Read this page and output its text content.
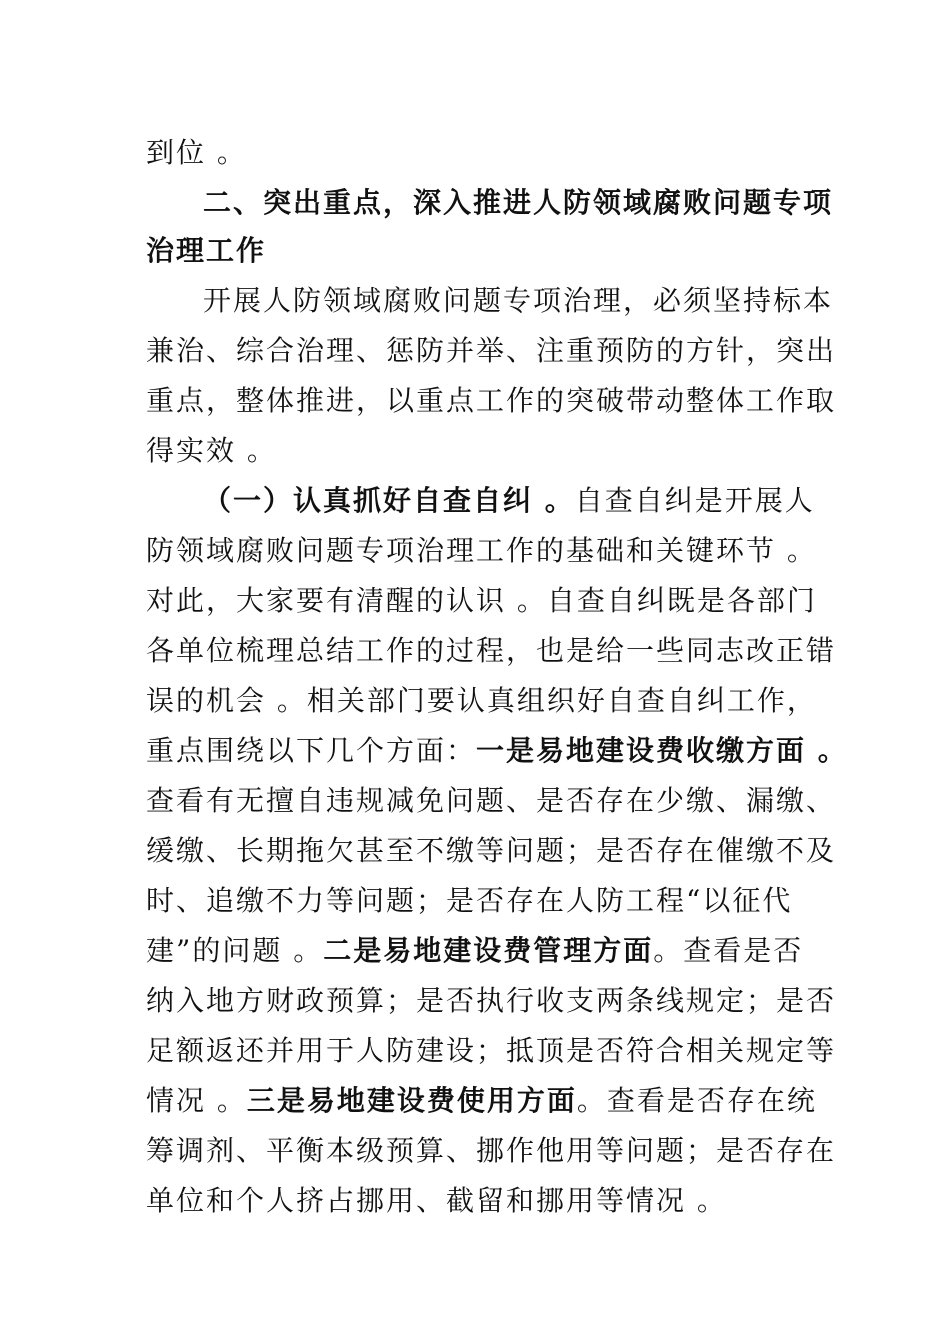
到位 。
二、突出重点，深入推进人防领域腐败问题专项
治理工作
开展人防领域腐败问题专项治理，必须坚持标本
兼治、综合治理、惩防并举、注重预防的方针，突出
重点，整体推进，以重点工作的突破带动整体工作取
得实效 。
（一）认真抓好自查自纠 。自查自纠是开展人
防领域腐败问题专项治理工作的基础和关键环节 。
对此，大家要有清醒的认识 。自查自纠既是各部门
各单位梳理总结工作的过程，也是给一些同志改正错
误的机会 。相关部门要认真组织好自查自纠工作，
重点围绕以下几个方面：一是易地建设费收缴方面 。
查看有无擅自违规减免问题、是否存在少缴、漏缴、
缓缴、长期拖欠甚至不缴等问题；是否存在催缴不及
时、追缴不力等问题；是否存在人防工程“以征代
建”的问题 。二是易地建设费管理方面。查看是否
纳入地方财政预算；是否执行收支两条线规定；是否
足额返还并用于人防建设；抵顶是否符合相关规定等
情况 。三是易地建设费使用方面。查看是否存在统
筹调剂、平衡本级预算、挪作他用等问题；是否存在
单位和个人挤占挪用、截留和挪用等情况 。
